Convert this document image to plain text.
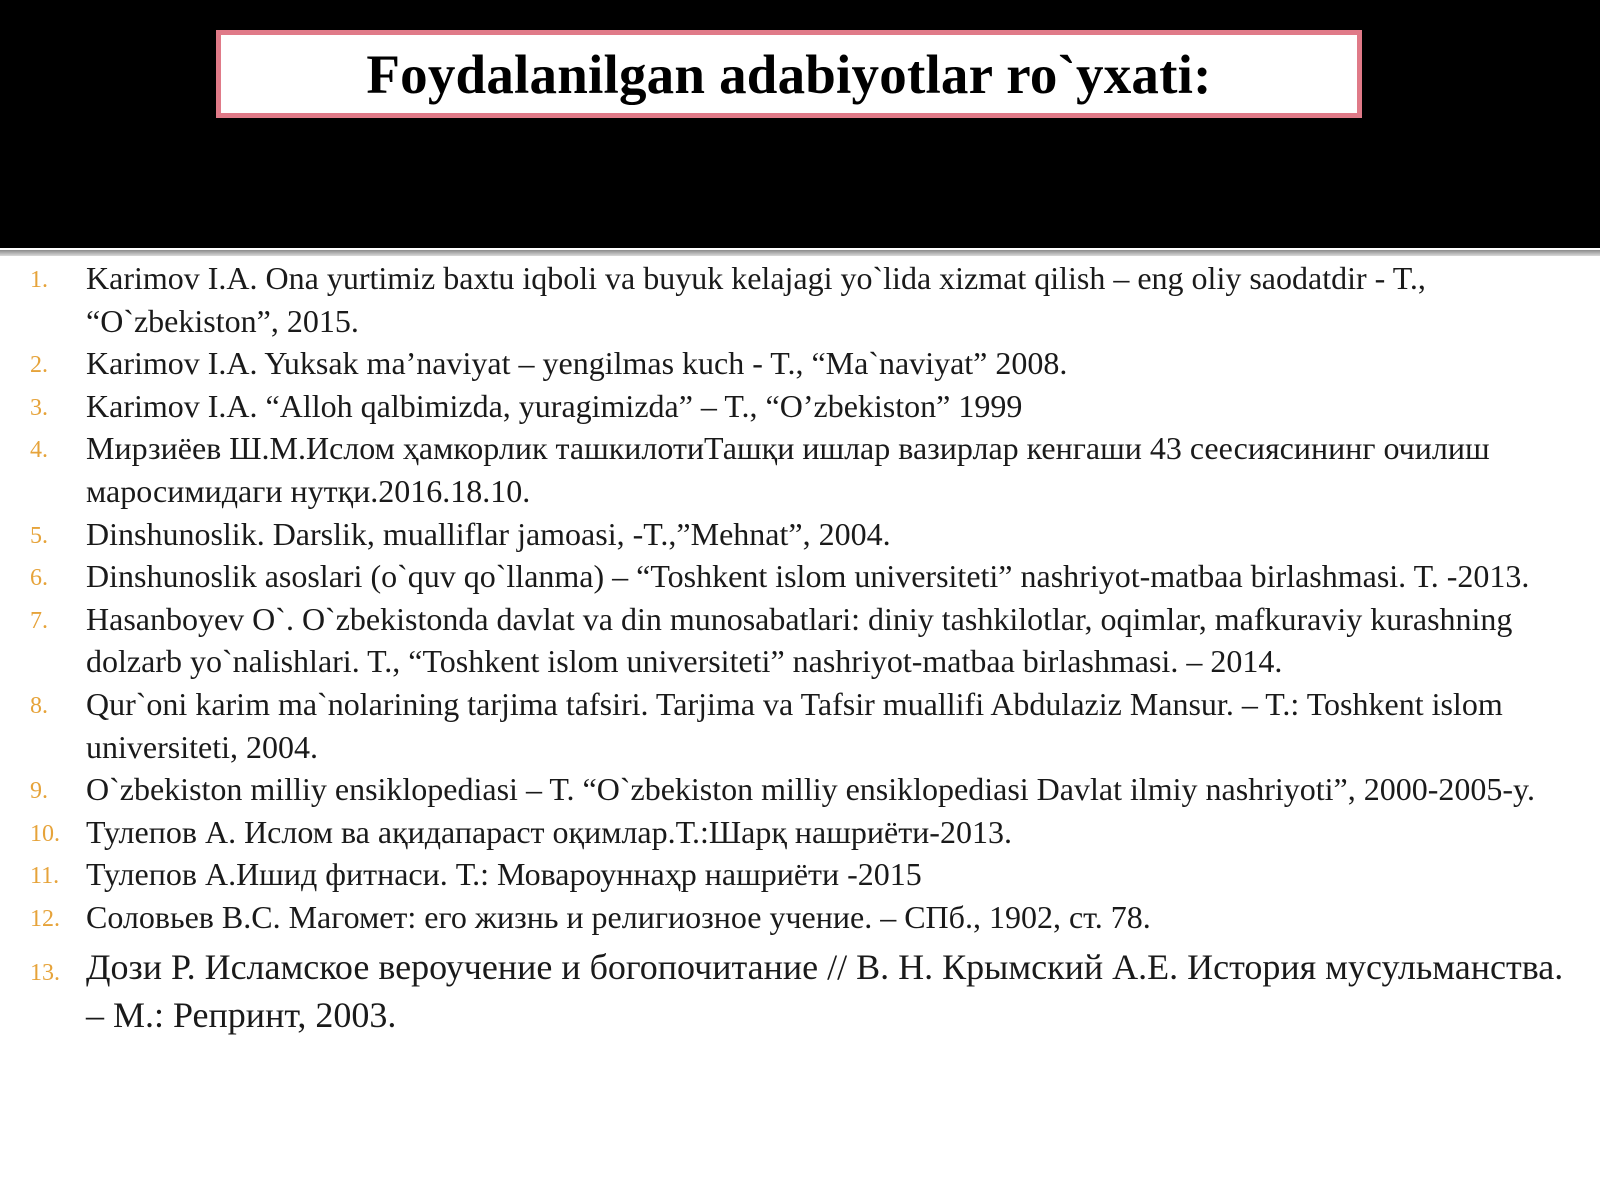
Foydalanilgan adabiyotlar ro`yxati:
1. Karimov I.A. Ona yurtimiz baxtu iqboli va buyuk kelajagi yo`lida xizmat qilish – eng oliy saodatdir - T., “O`zbekiston”, 2015.
2. Karimov I.A. Yuksak ma’naviyat – yengilmas kuch - T., “Ma`naviyat” 2008.
3. Karimov I.A. “Alloh qalbimizda, yuragimizda” – T., “O’zbekiston” 1999
4. Мирзиёев Ш.М.Ислом ҳамкорлик ташкилотиТашқи ишлар вазирлар кенгаши 43 сеесиясининг очилиш маросимидаги нутқи.2016.18.10.
5. Dinshunoslik. Darslik, mualliflar jamoasi, -T.,”Mehnat”, 2004.
6. Dinshunoslik asoslari (o`quv qo`llanma) – “Toshkent islom universiteti” nashriyot-matbaa birlashmasi. T. -2013.
7. Hasanboyev O`. O`zbekistonda davlat va din munosabatlari: diniy tashkilotlar, oqimlar, mafkuraviy kurashning dolzarb yo`nalishlari. T., “Toshkent islom universiteti” nashriyot-matbaa birlashmasi. – 2014.
8. Qur`oni karim ma`nolarining tarjima tafsiri. Tarjima va Tafsir muallifi Abdulaziz Mansur. – T.: Toshkent islom universiteti, 2004.
9. O`zbekiston milliy ensiklopediasi – T. “O`zbekiston milliy ensiklopediasi Davlat ilmiy nashriyoti”, 2000-2005-y.
10. Тулепов А. Ислом ва ақидапараст оқимлар.Т.:Шарқ нашриёти-2013.
11. Тулепов А.Ишид фитнаси. Т.: Мовароуннаҳр нашриёти -2015
12. Соловьев В.С. Магомет: его жизнь и религиозное учение. – СПб., 1902, ст. 78.
13. Дози Р. Исламское вероучение и богопочитание // В. Н. Крымский А.Е. История мусульманства. – М.: Репринт, 2003.
